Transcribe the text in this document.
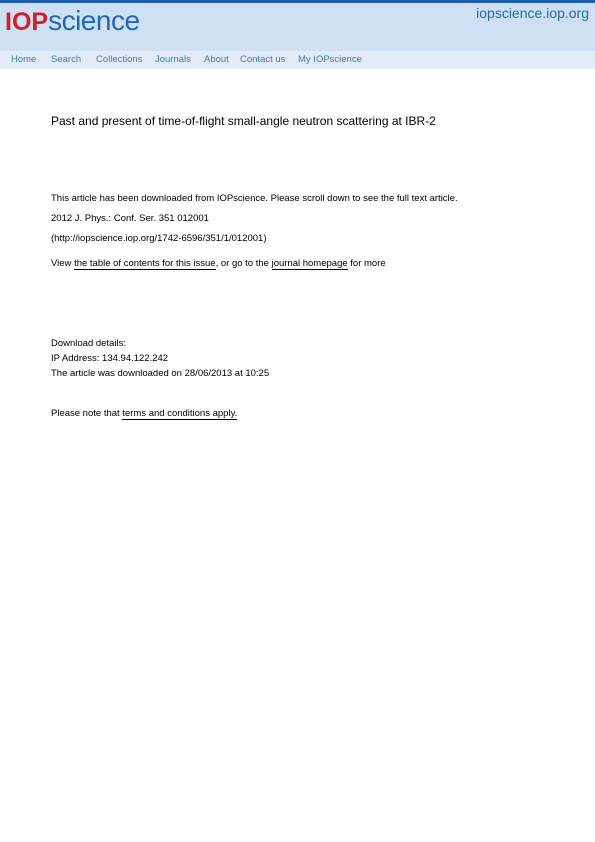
IOPscience	iopscience.iop.org
Home Search Collections Journals About Contact us My IOPscience
Past and present of time-of-flight small-angle neutron scattering at IBR-2
This article has been downloaded from IOPscience. Please scroll down to see the full text article.
2012 J. Phys.: Conf. Ser. 351 012001
(http://iopscience.iop.org/1742-6596/351/1/012001)
View the table of contents for this issue, or go to the journal homepage for more
Download details:
IP Address: 134.94.122.242
The article was downloaded on 28/06/2013 at 10:25
Please note that terms and conditions apply.
